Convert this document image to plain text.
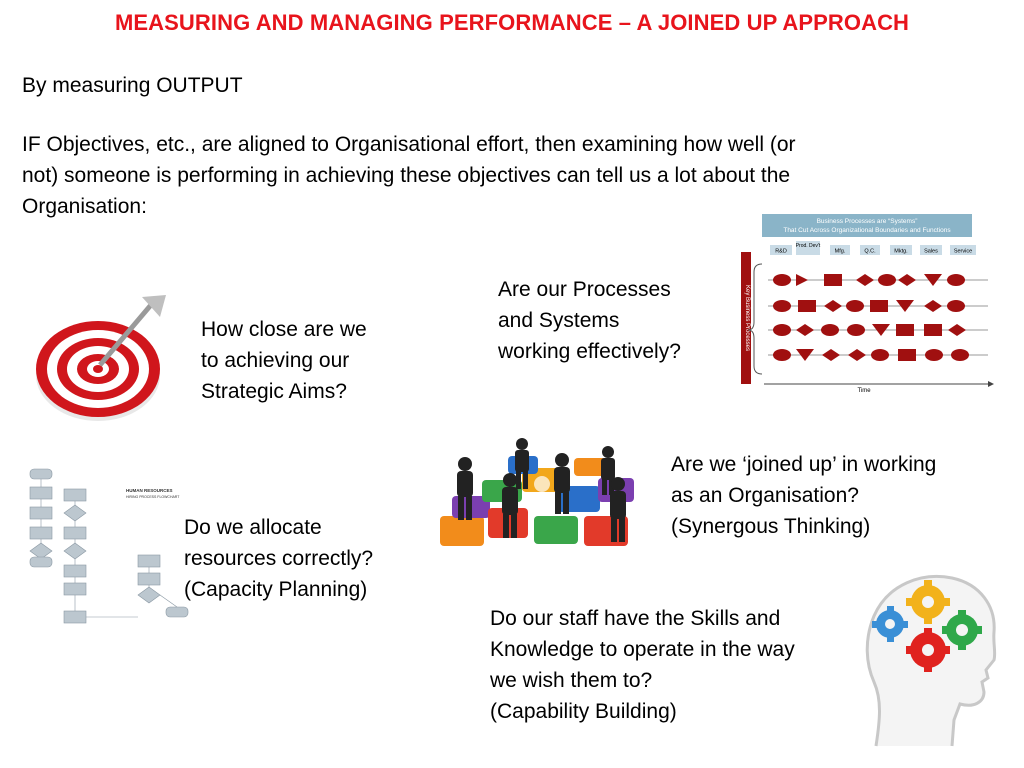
MEASURING AND MANAGING PERFORMANCE – A JOINED UP APPROACH
By measuring OUTPUT
IF Objectives, etc., are aligned to Organisational effort, then examining how well (or
not) someone is performing in achieving these objectives can tell us a lot about the
Organisation:
How close are we
to achieving our
Strategic Aims?
Are our Processes
and Systems
working effectively?
Business Processes are “Systems”
That Cut Across Organizational Boundaries and Functions
R&D
Prod. Dev't
Mfg.	Q.C.	Mktg.	Sales	Service
Key Business Processes
Time
Are we ‘joined up’ in working
as an Organisation?
(Synergous Thinking)
HUMAN RESOURCES
HIRING PROCESS FLOWCHART
Do we allocate
resources correctly?
(Capacity Planning)
Do our staff have the Skills and
Knowledge to operate in the way
we wish them to?
(Capability Building)
